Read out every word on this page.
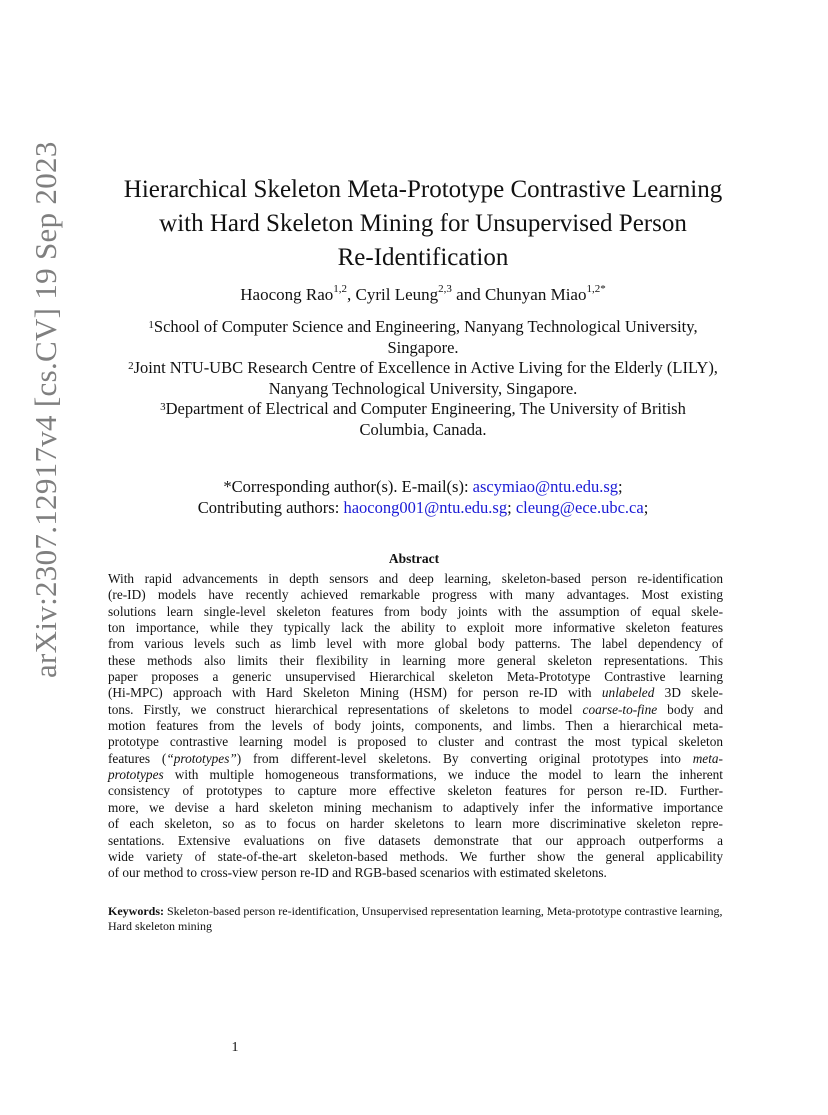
arXiv:2307.12917v4 [cs.CV] 19 Sep 2023	Hierarchical Skeleton Meta-Prototype Contrastive Learning
with Hard Skeleton Mining for Unsupervised Person
Re-Identification
Haocong Rao$^{1,2}$, Cyril Leung$^{2,3}$ and Chunyan Miao$^{1,2*}$
$^1$School of Computer Science and Engineering, Nanyang Technological University,
Singapore.
$^2$Joint NTU-UBC Research Centre of Excellence in Active Living for the Elderly (LILY),
Nanyang Technological University, Singapore.
$^3$Department of Electrical and Computer Engineering, The University of British
Columbia, Canada.
*Corresponding author(s). E-mail(s): ascymiao@ntu.edu.sg;
Contributing authors: haocong001@ntu.edu.sg; cleung@ece.ubc.ca;
Abstract
With rapid advancements in depth sensors and deep learning, skeleton-based person re-identification
(re-ID) models have recently achieved remarkable progress with many advantages. Most existing
solutions learn single-level skeleton features from body joints with the assumption of equal skele-
ton importance, while they typically lack the ability to exploit more informative skeleton features
from various levels such as limb level with more global body patterns. The label dependency of
these methods also limits their flexibility in learning more general skeleton representations. This
paper proposes a generic unsupervised Hierarchical skeleton Meta-Prototype Contrastive learning
(Hi-MPC) approach with Hard Skeleton Mining (HSM) for person re-ID with unlabeled 3D skele-
tons. Firstly, we construct hierarchical representations of skeletons to model coarse-to-fine body and
motion features from the levels of body joints, components, and limbs. Then a hierarchical meta-
prototype contrastive learning model is proposed to cluster and contrast the most typical skeleton
features (“prototypes”) from different-level skeletons. By converting original prototypes into meta-
prototypes with multiple homogeneous transformations, we induce the model to learn the inherent
consistency of prototypes to capture more effective skeleton features for person re-ID. Further-
more, we devise a hard skeleton mining mechanism to adaptively infer the informative importance
of each skeleton, so as to focus on harder skeletons to learn more discriminative skeleton repre-
sentations. Extensive evaluations on five datasets demonstrate that our approach outperforms a
wide variety of state-of-the-art skeleton-based methods. We further show the general applicability
of our method to cross-view person re-ID and RGB-based scenarios with estimated skeletons.
Keywords: Skeleton-based person re-identification, Unsupervised representation learning, Meta-prototype contrastive learning, Hard skeleton mining
1
